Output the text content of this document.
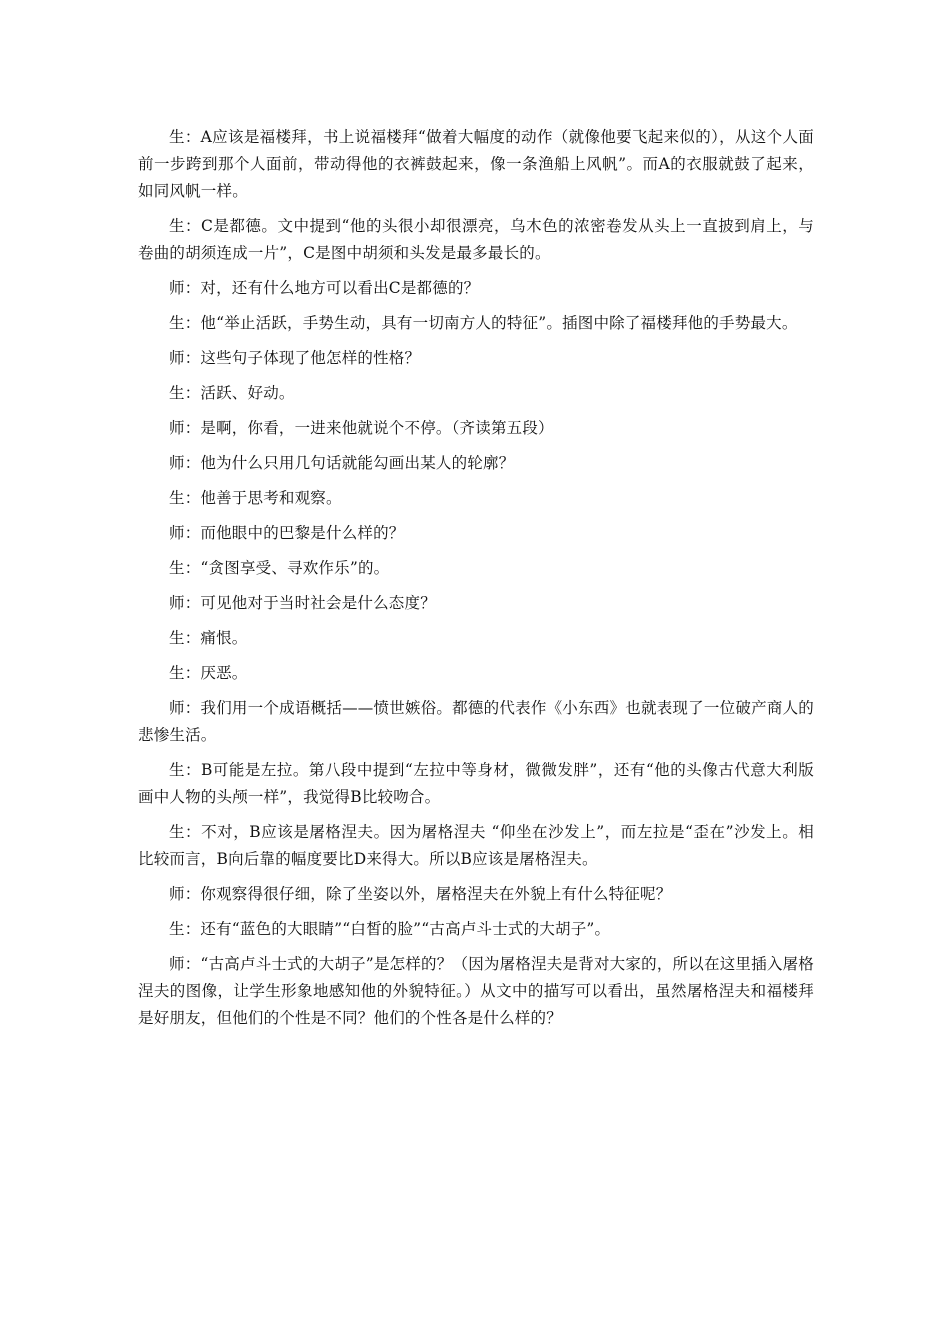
生：A应该是福楼拜，书上说福楼拜“做着大幅度的动作（就像他要飞起来似的），从这个人面前一步跨到那个人面前，带动得他的衣裤鼓起来，像一条渔船上风帆”。而A的衣服就鼓了起来，如同风帆一样。

生：C是都德。文中提到“他的头很小却很漂亮，乌木色的浓密卷发从头上一直披到肩上，与卷曲的胡须连成一片”，C是图中胡须和头发是最多最长的。

师：对，还有什么地方可以看出C是都德的？

生：他“举止活跃，手势生动，具有一切南方人的特征”。插图中除了福楼拜他的手势最大。

师：这些句子体现了他怎样的性格？

生：活跃、好动。

师：是啊，你看，一进来他就说个不停。（齐读第五段）

师：他为什么只用几句话就能勾画出某人的轮廓？

生：他善于思考和观察。

师：而他眼中的巴黎是什么样的？

生：“贪图享受、寻欢作乐”的。

师：可见他对于当时社会是什么态度？

生：痛恨。

生：厌恶。

师：我们用一个成语概括——愤世嫉俗。都德的代表作《小东西》也就表现了一位破产商人的悲惨生活。

生：B可能是左拉。第八段中提到“左拉中等身材，微微发胖”，还有“他的头像古代意大利版画中人物的头颅一样”，我觉得B比较吻合。

生：不对，B应该是屠格涅夫。因为屠格涅夫 “仰坐在沙发上”，而左拉是“歪在”沙发上。相比较而言，B向后靠的幅度要比D来得大。所以B应该是屠格涅夫。

师：你观察得很仔细，除了坐姿以外，屠格涅夫在外貌上有什么特征呢？

生：还有“蓝色的大眼睛”“白皙的脸”“古高卢斗士式的大胡子”。

师：“古高卢斗士式的大胡子”是怎样的？（因为屠格涅夫是背对大家的，所以在这里插入屠格涅夫的图像，让学生形象地感知他的外貌特征。）从文中的描写可以看出，虽然屠格涅夫和福楼拜是好朋友，但他们的个性是不同？他们的个性各是什么样的？
